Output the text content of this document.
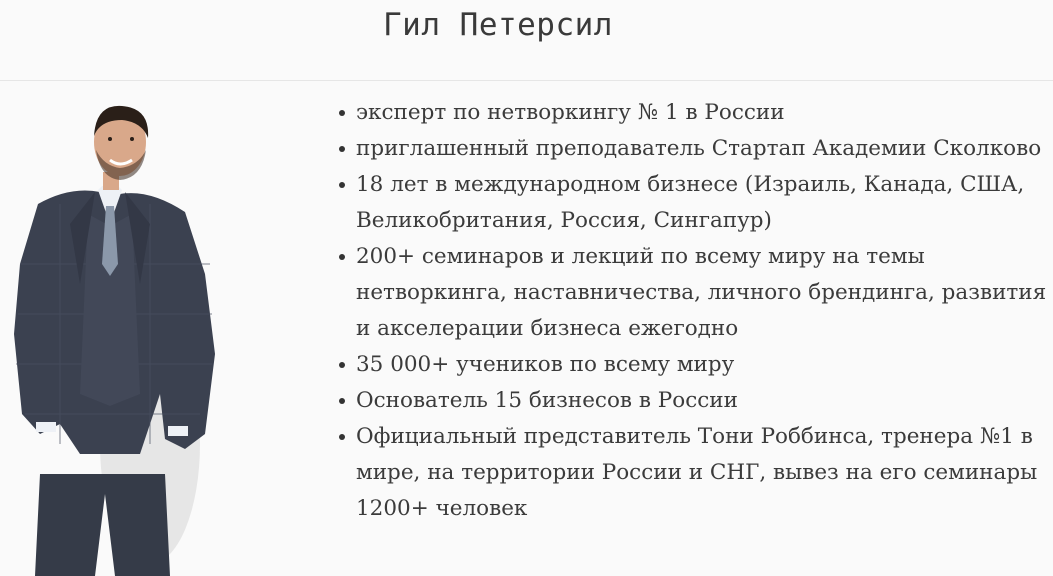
Гил Петерсил
эксперт по нетворкингу № 1 в России
приглашенный преподаватель Стартап Академии Сколково
18 лет в международном бизнесе (Израиль, Канада, США, Великобритания, Россия, Сингапур)
200+ семинаров и лекций по всему миру на темы нетворкинга, наставничества, личного брендинга, развития и акселерации бизнеса ежегодно
35 000+ учеников по всему миру
Основатель 15 бизнесов в России
Официальный представитель Тони Роббинса, тренера №1 в мире, на территории России и СНГ, вывез на его семинары 1200+ человек
